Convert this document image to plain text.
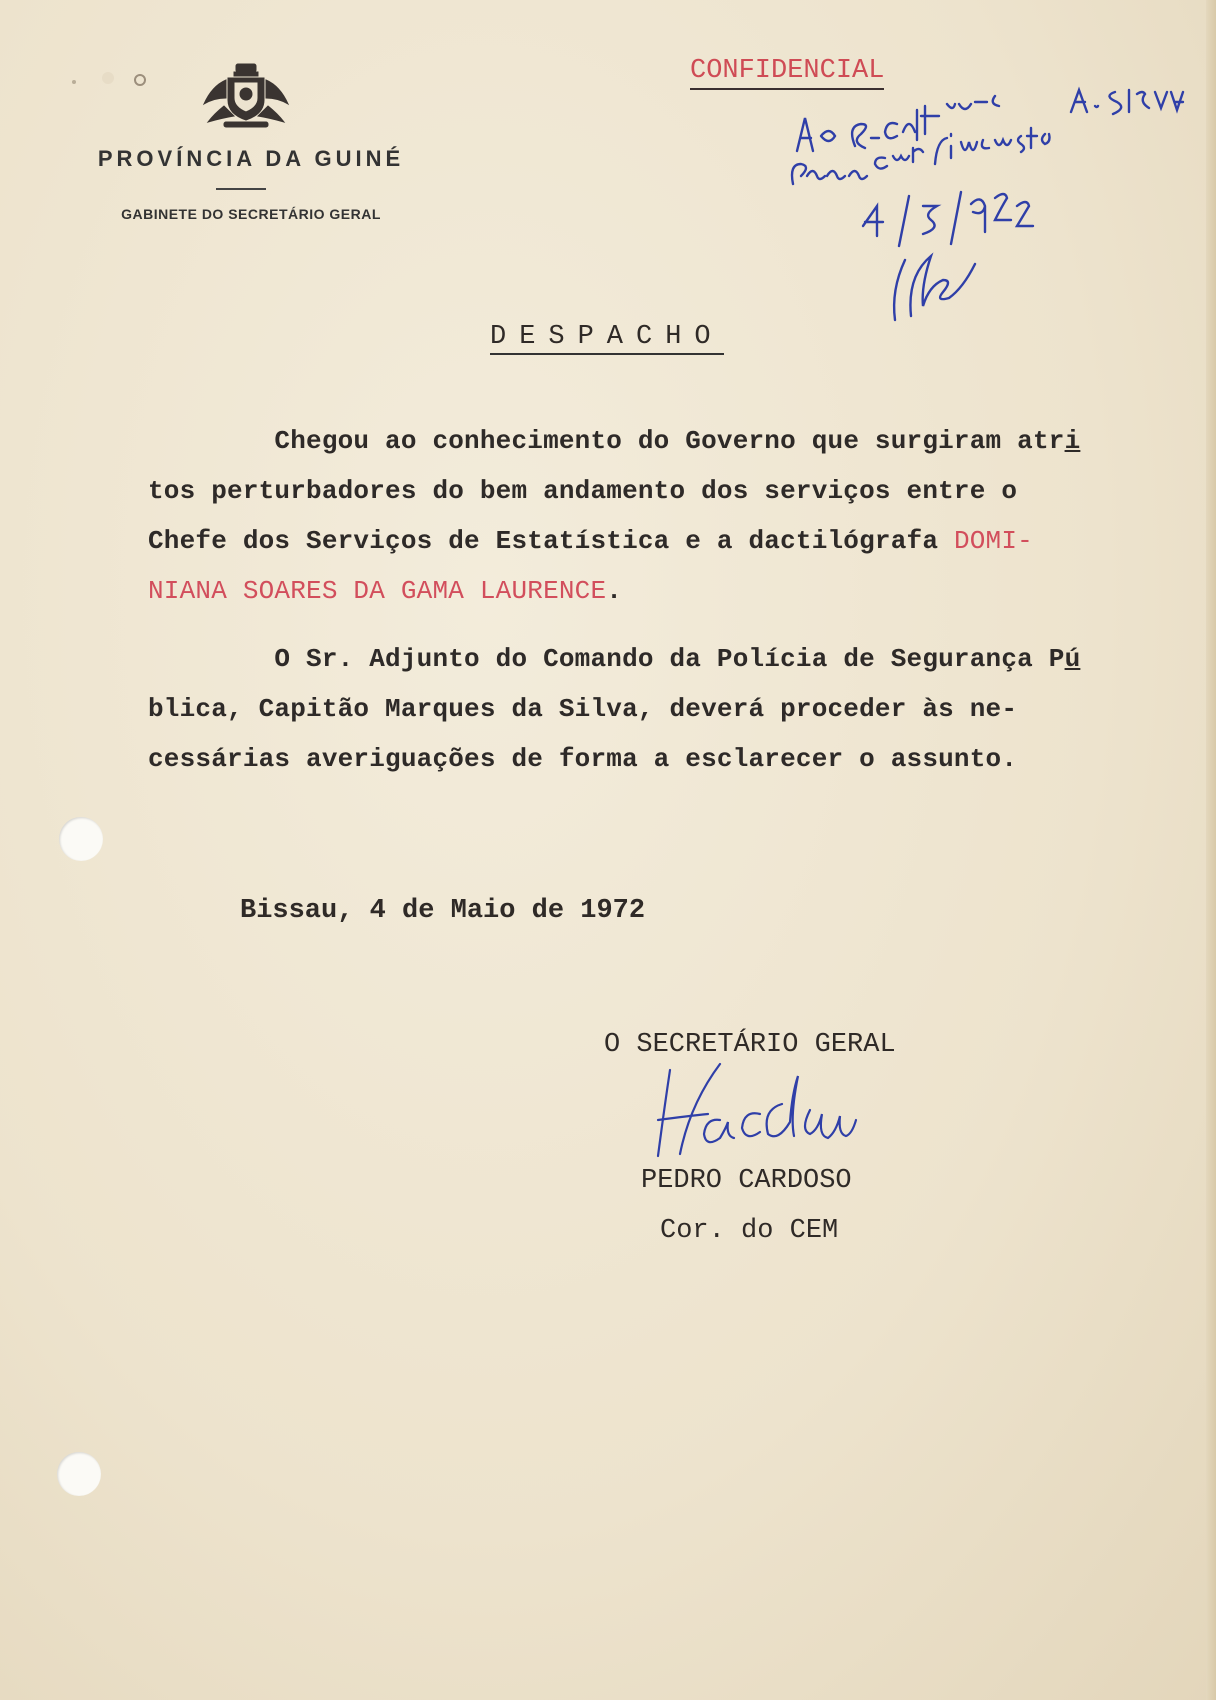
PROVÍNCIA DA GUINÉ
GABINETE DO SECRETÁRIO GERAL
CONFIDENCIAL
DESPACHO
Chegou ao conhecimento do Governo que surgiram atri
tos perturbadores do bem andamento dos serviços entre o
Chefe dos Serviços de Estatística e a dactilógrafa DOMI-
NIANA SOARES DA GAMA LAURENCE.
O Sr. Adjunto do Comando da Polícia de Segurança Pú
blica, Capitão Marques da Silva, deverá proceder às ne-
cessárias averiguações de forma a esclarecer o assunto.
Bissau, 4 de Maio de 1972
O SECRETÁRIO GERAL
PEDRO CARDOSO
Cor. do CEM
